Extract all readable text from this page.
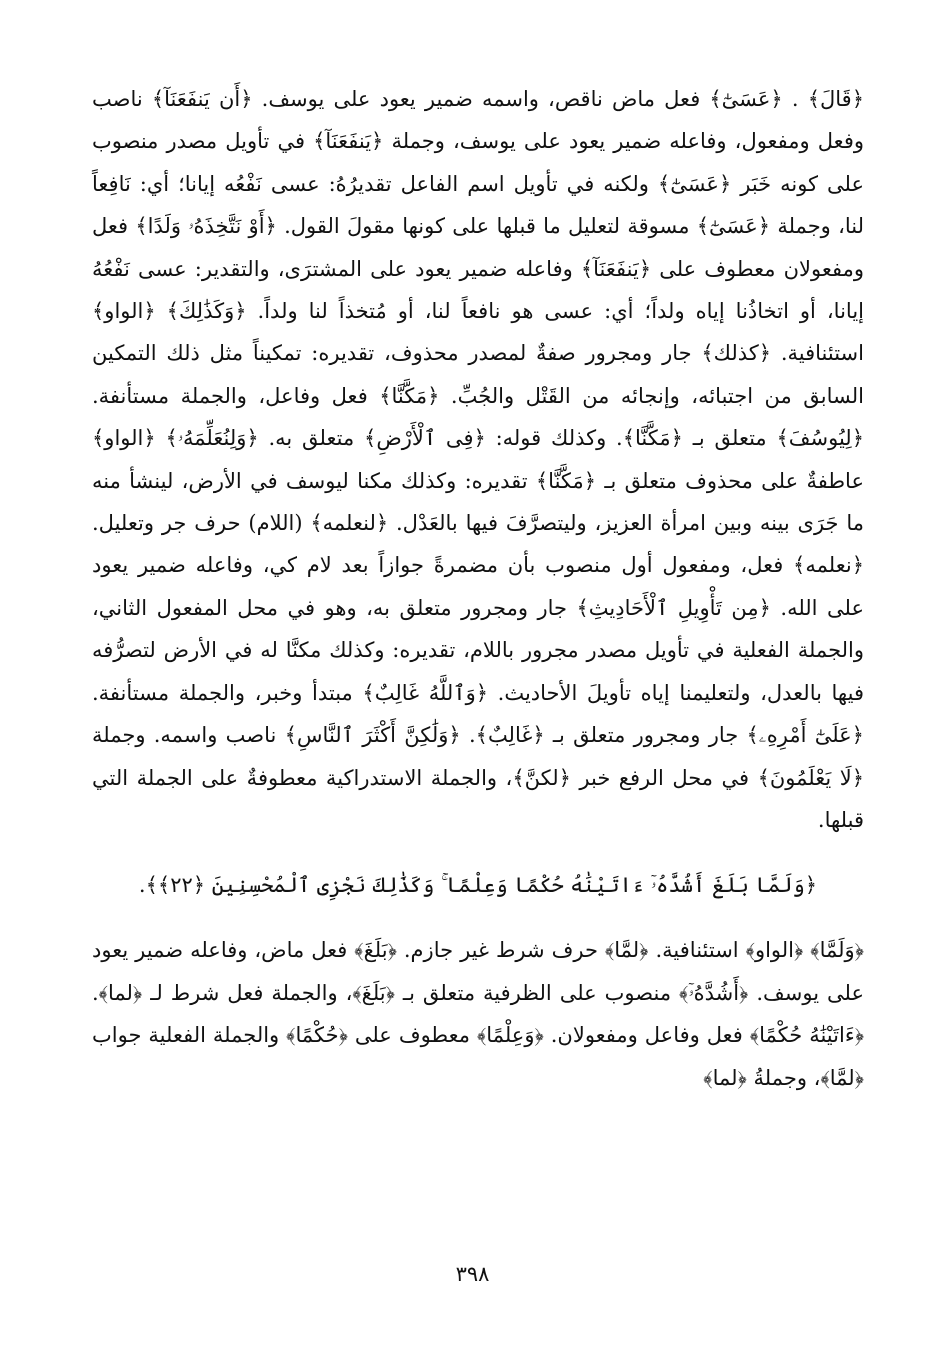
﴿قَالَ﴾ . ﴿عَسَىٰٓ﴾ فعل ماض ناقص، واسمه ضمير يعود على يوسف. ﴿أَن يَنفَعَنَآ﴾ ناصب وفعل ومفعول، وفاعله ضمير يعود على يوسف، وجملة ﴿يَنفَعَنَآ﴾ في تأويل مصدر منصوب على كونه خَبَر ﴿عَسَىٰٓ﴾ ولكنه في تأويل اسم الفاعل تقديرُهُ: عسى نَفْعُه إيانا؛ أي: نَافِعاً لنا، وجملة ﴿عَسَىٰٓ﴾ مسوقة لتعليل ما قبلها على كونها مقولَ القول. ﴿أَوْ نَتَّخِذَهُۥ وَلَدًا﴾ فعل ومفعولان معطوف على ﴿يَنفَعَنَآ﴾ وفاعله ضمير يعود على المشترَى، والتقدير: عسى نَفْعُهُ إيانا، أو اتخاذُنا إياه ولداً؛ أي: عسى هو نافعاً لنا، أو مُتخذاً لنا ولداً. ﴿وَكَذَٰلِكَ﴾ ﴿الواو﴾ استئنافية. ﴿كذلك﴾ جار ومجرور صفةٌ لمصدر محذوف، تقديره: تمكيناً مثل ذلك التمكين السابق من اجتبائه، وإنجائه من القَتْل والجُبِّ. ﴿مَكَّنَّا﴾ فعل وفاعل، والجملة مستأنفة. ﴿لِيُوسُفَ﴾ متعلق بـ ﴿مَكَّنَّا﴾. وكذلك قوله: ﴿فِى ٱلْأَرْضِ﴾ متعلق به. ﴿وَلِنُعَلِّمَهُۥ﴾ ﴿الواو﴾ عاطفةٌ على محذوف متعلق بـ ﴿مَكَّنَّا﴾ تقديره: وكذلك مكنا ليوسف في الأرض، لينشأ منه ما جَرَى بينه وبين امرأة العزيز، وليتصرَّفَ فيها بالعَدْل. ﴿لنعلمه﴾ (اللام) حرف جر وتعليل. ﴿نعلمه﴾ فعل، ومفعول أول منصوب بأن مضمرةً جوازاً بعد لام كي، وفاعله ضمير يعود على الله. ﴿مِن تَأْوِيلِ ٱلْأَحَادِيثِ﴾ جار ومجرور متعلق به، وهو في محل المفعول الثاني، والجملة الفعلية في تأويل مصدر مجرور باللام، تقديره: وكذلك مكنَّا له في الأرض لتصرُّفه فيها بالعدل، ولتعليمنا إياه تأويلَ الأحاديث. ﴿وَٱللَّهُ غَالِبٌ﴾ مبتدأ وخبر، والجملة مستأنفة. ﴿عَلَىٰٓ أَمْرِهِۦ﴾ جار ومجرور متعلق بـ ﴿غَالِبٌ﴾. ﴿وَلَٰكِنَّ أَكْثَرَ ٱلنَّاسِ﴾ ناصب واسمه. وجملة ﴿لَا يَعْلَمُونَ﴾ في محل الرفع خبر ﴿لكنَّ﴾، والجملة الاستدراكية معطوفةٌ على الجملة التي قبلها.

﴿وَلَمَّا بَلَغَ أَشُدَّهُۥٓ ءَاتَيْنَٰهُ حُكْمًا وَعِلْمًا ۚ وَكَذَٰلِكَ نَجْزِى ٱلْمُحْسِنِينَ ﴿٢٢﴾﴾.

﴿وَلَمَّا﴾ ﴿الواو﴾ استئنافية. ﴿لمَّا﴾ حرف شرط غير جازم. ﴿بَلَغَ﴾ فعل ماض، وفاعله ضمير يعود على يوسف. ﴿أَشُدَّهُۥٓ﴾ منصوب على الظرفية متعلق بـ ﴿بَلَغَ﴾، والجملة فعل شرط لـ ﴿لما﴾. ﴿ءَاتَيْنَٰهُ حُكْمًا﴾ فعل وفاعل ومفعولان. ﴿وَعِلْمًا﴾ معطوف على ﴿حُكْمًا﴾ والجملة الفعلية جواب ﴿لمَّا﴾، وجملةُ ﴿لما﴾

٣٩٨
